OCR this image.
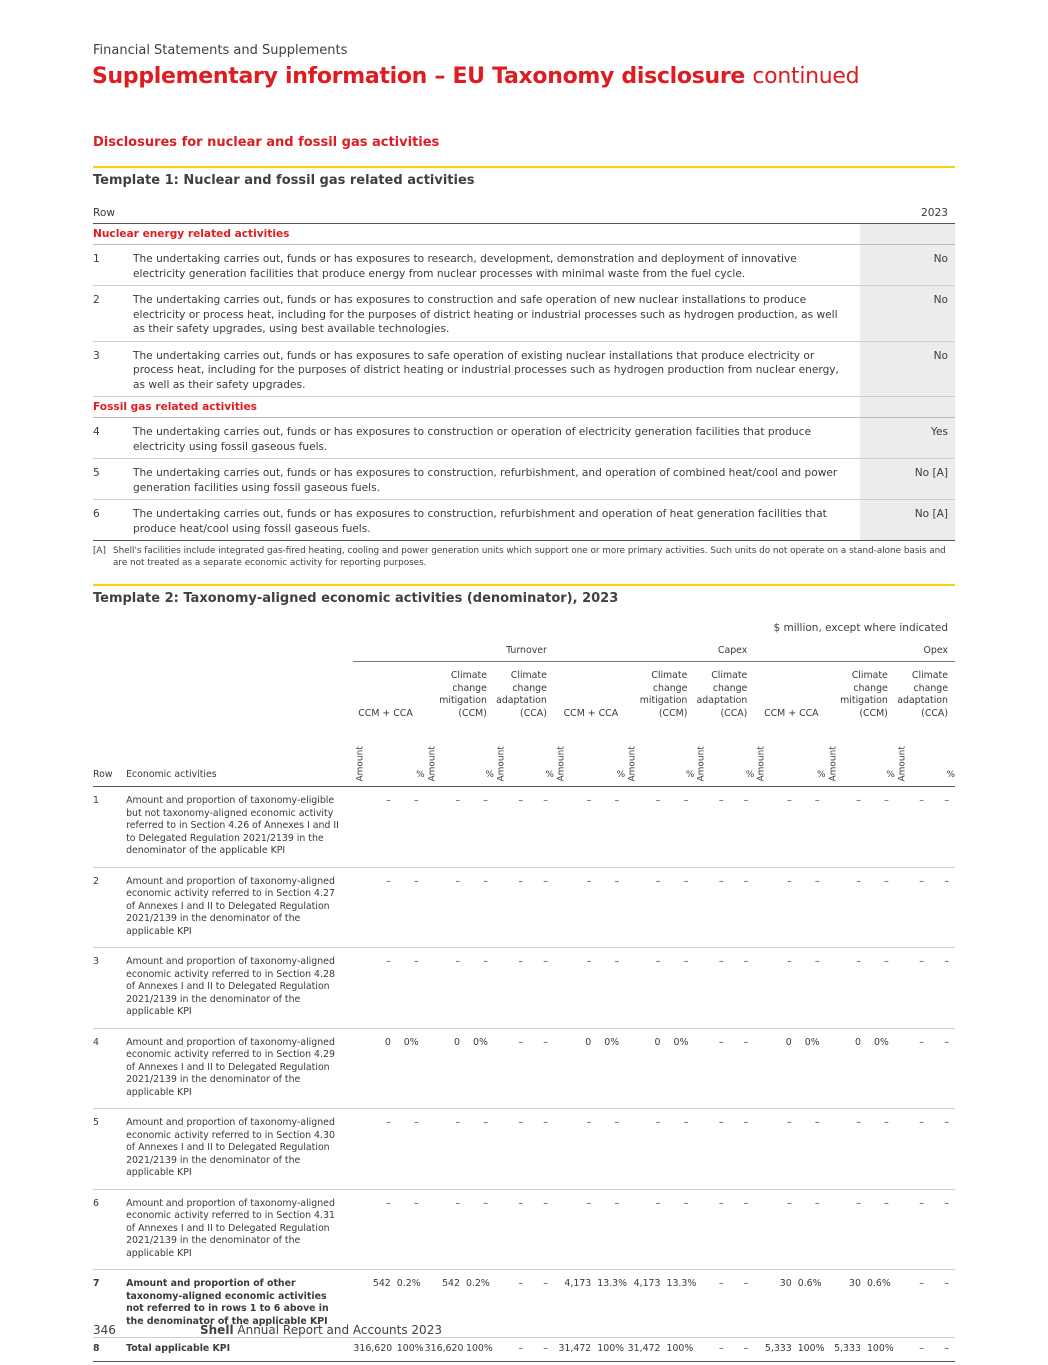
Financial Statements and Supplements
Supplementary information – EU Taxonomy disclosure continued
Disclosures for nuclear and fossil gas activities
Template 1: Nuclear and fossil gas related activities
Row		2023
Nuclear energy related activities		
1	The undertaking carries out, funds or has exposures to research, development, demonstration and deployment of innovative electricity generation facilities that produce energy from nuclear processes with minimal waste from the fuel cycle.	No
2	The undertaking carries out, funds or has exposures to construction and safe operation of new nuclear installations to produce electricity or process heat, including for the purposes of district heating or industrial processes such as hydrogen production, as well as their safety upgrades, using best available technologies.	No
3	The undertaking carries out, funds or has exposures to safe operation of existing nuclear installations that produce electricity or process heat, including for the purposes of district heating or industrial processes such as hydrogen production from nuclear energy, as well as their safety upgrades.	No
Fossil gas related activities		
4	The undertaking carries out, funds or has exposures to construction or operation of electricity generation facilities that produce electricity using fossil gaseous fuels.	Yes
5	The undertaking carries out, funds or has exposures to construction, refurbishment, and operation of combined heat/cool and power generation facilities using fossil gaseous fuels.	No [A]
6	The undertaking carries out, funds or has exposures to construction, refurbishment and operation of heat generation facilities that produce heat/cool using fossil gaseous fuels.	No [A]
[A] Shell's facilities include integrated gas-fired heating, cooling and power generation units which support one or more primary activities. Such units do not operate on a stand-alone basis and are not treated as a separate economic activity for reporting purposes.
Template 2: Taxonomy-aligned economic activities (denominator), 2023
$ million, except where indicated
		Turnover						Capex						Opex					
		CCM + CCA		Climate change mitigation (CCM)		Climate change adaptation (CCA)		CCM + CCA		Climate change mitigation (CCM)		Climate change adaptation (CCA)		CCM + CCA		Climate change mitigation (CCM)		Climate change adaptation (CCA)	
Row	Economic activities	Amount	%	Amount	%	Amount	%	Amount	%	Amount	%	Amount	%	Amount	%	Amount	%	Amount	%
1	Amount and proportion of taxonomy-eligible but not taxonomy-aligned economic activity referred to in Section 4.26 of Annexes I and II to Delegated Regulation 2021/2139 in the denominator of the applicable KPI	–	–	–	–	–	–	–	–	–	–	–	–	–	–	–	–	–	–
2	Amount and proportion of taxonomy-aligned economic activity referred to in Section 4.27 of Annexes I and II to Delegated Regulation 2021/2139 in the denominator of the applicable KPI	–	–	–	–	–	–	–	–	–	–	–	–	–	–	–	–	–	–
3	Amount and proportion of taxonomy-aligned economic activity referred to in Section 4.28 of Annexes I and II to Delegated Regulation 2021/2139 in the denominator of the applicable KPI	–	–	–	–	–	–	–	–	–	–	–	–	–	–	–	–	–	–
4	Amount and proportion of taxonomy-aligned economic activity referred to in Section 4.29 of Annexes I and II to Delegated Regulation 2021/2139 in the denominator of the applicable KPI	0	0%	0	0%	–	–	0	0%	0	0%	–	–	0	0%	0	0%	–	–
5	Amount and proportion of taxonomy-aligned economic activity referred to in Section 4.30 of Annexes I and II to Delegated Regulation 2021/2139 in the denominator of the applicable KPI	–	–	–	–	–	–	–	–	–	–	–	–	–	–	–	–	–	–
6	Amount and proportion of taxonomy-aligned economic activity referred to in Section 4.31 of Annexes I and II to Delegated Regulation 2021/2139 in the denominator of the applicable KPI	–	–	–	–	–	–	–	–	–	–	–	–	–	–	–	–	–	–
7	Amount and proportion of other taxonomy-aligned economic activities not referred to in rows 1 to 6 above in the denominator of the applicable KPI	542	0.2%	542	0.2%	–	–	4,173	13.3%	4,173	13.3%	–	–	30	0.6%	30	0.6%	–	–
8	Total applicable KPI	316,620	100%	316,620	100%	–	–	31,472	100%	31,472	100%	–	–	5,333	100%	5,333	100%	–	–
346	Shell Annual Report and Accounts 2023
